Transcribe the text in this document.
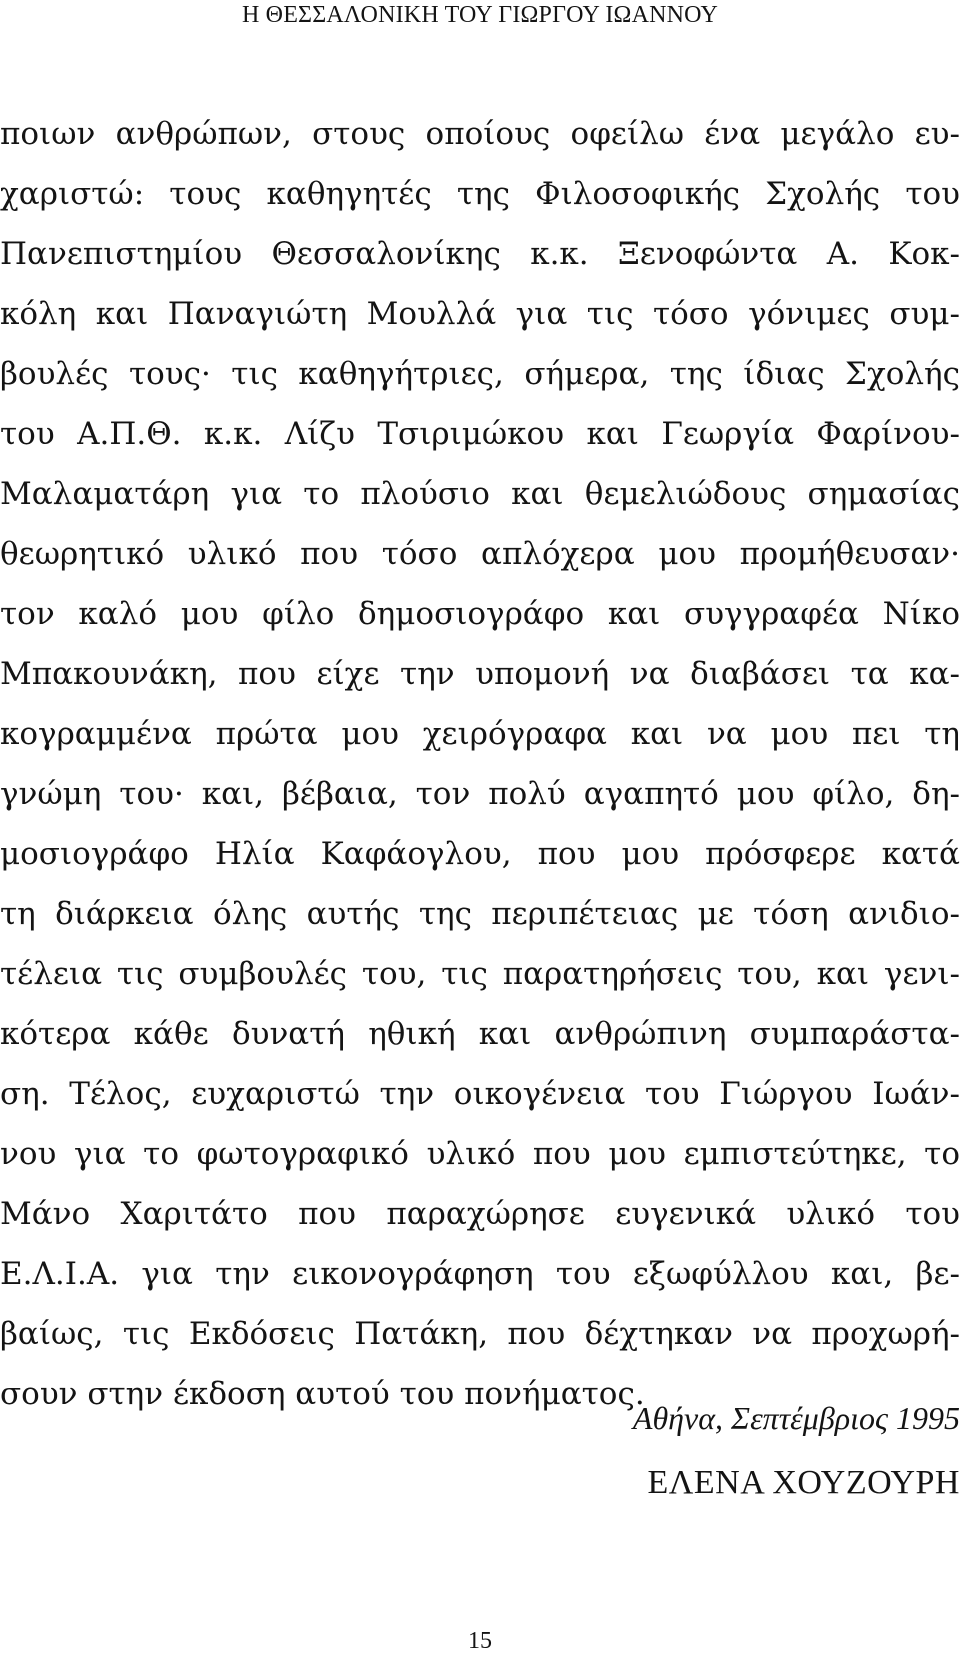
Η ΘΕΣΣΑΛΟΝΙΚΗ ΤΟΥ ΓΙΩΡΓΟΥ ΙΩΑΝΝΟΥ
ποιων ανθρώπων, στους οποίους οφείλω ένα μεγάλο ευ-
χαριστώ: τους καθηγητές της Φιλοσοφικής Σχολής του
Πανεπιστημίου Θεσσαλονίκης κ.κ. Ξενοφώντα Α. Κοκ-
κόλη και Παναγιώτη Μουλλά για τις τόσο γόνιμες συμ-
βουλές τους· τις καθηγήτριες, σήμερα, της ίδιας Σχολής
του Α.Π.Θ. κ.κ. Λίζυ Τσιριμώκου και Γεωργία Φαρίνου-
Μαλαματάρη για το πλούσιο και θεμελιώδους σημασίας
θεωρητικό υλικό που τόσο απλόχερα μου προμήθευσαν·
τον καλό μου φίλο δημοσιογράφο και συγγραφέα Νίκο
Μπακουνάκη, που είχε την υπομονή να διαβάσει τα κα-
κογραμμένα πρώτα μου χειρόγραφα και να μου πει τη
γνώμη του· και, βέβαια, τον πολύ αγαπητό μου φίλο, δη-
μοσιογράφο Ηλία Καφάογλου, που μου πρόσφερε κατά
τη διάρκεια όλης αυτής της περιπέτειας με τόση ανιδιο-
τέλεια τις συμβουλές του, τις παρατηρήσεις του, και γενι-
κότερα κάθε δυνατή ηθική και ανθρώπινη συμπαράστα-
ση. Τέλος, ευχαριστώ την οικογένεια του Γιώργου Ιωάν-
νου για το φωτογραφικό υλικό που μου εμπιστεύτηκε, το
Μάνο Χαριτάτο που παραχώρησε ευγενικά υλικό του
Ε.Λ.Ι.Α. για την εικονογράφηση του εξωφύλλου και, βε-
βαίως, τις Εκδόσεις Πατάκη, που δέχτηκαν να προχωρή-
σουν στην έκδοση αυτού του πονήματος.
Αθήνα, Σεπτέμβριος 1995
ΕΛΕΝΑ ΧΟΥΖΟΥΡΗ
15
